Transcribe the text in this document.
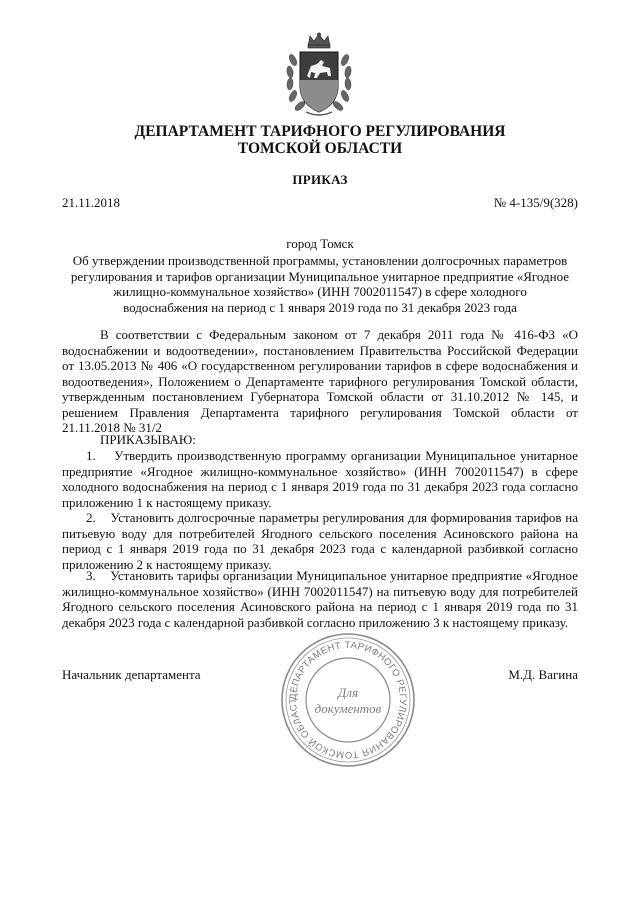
ДЕПАРТАМЕНТ ТАРИФНОГО РЕГУЛИРОВАНИЯ
ТОМСКОЙ ОБЛАСТИ
ПРИКАЗ
21.11.2018	№ 4-135/9(328)
город Томск
Об утверждении производственной программы, установлении долгосрочных параметров регулирования и тарифов организации Муниципальное унитарное предприятие «Ягодное жилищно-коммунальное хозяйство» (ИНН 7002011547) в сфере холодного водоснабжения на период с 1 января 2019 года по 31 декабря 2023 года
В соответствии с Федеральным законом от 7 декабря 2011 года № 416-ФЗ «О водоснабжении и водоотведении», постановлением Правительства Российской Федерации от 13.05.2013 № 406 «О государственном регулировании тарифов в сфере водоснабжения и водоотведения», Положением о Департаменте тарифного регулирования Томской области, утвержденным постановлением Губернатора Томской области от 31.10.2012 № 145, и решением Правления Департамента тарифного регулирования Томской области от 21.11.2018 № 31/2
ПРИКАЗЫВАЮ:
1.    Утвердить производственную программу организации Муниципальное унитарное предприятие «Ягодное жилищно-коммунальное хозяйство» (ИНН 7002011547) в сфере холодного водоснабжения на период с 1 января 2019 года по 31 декабря 2023 года согласно приложению 1 к настоящему приказу.
2.    Установить долгосрочные параметры регулирования для формирования тарифов на питьевую воду для потребителей Ягодного сельского поселения Асиновского района на период с 1 января 2019 года по 31 декабря 2023 года с календарной разбивкой согласно приложению 2 к настоящему приказу.
3.    Установить тарифы организации Муниципальное унитарное предприятие «Ягодное жилищно-коммунальное хозяйство» (ИНН 7002011547) на питьевую воду для потребителей Ягодного сельского поселения Асиновского района на период с 1 января 2019 года по 31 декабря 2023 года с календарной разбивкой согласно приложению 3 к настоящему приказу.
Начальник департамента	М.Д. Вагина
ДЕПАРТАМЕНТ ТАРИФНОГО РЕГУЛИРОВАНИЯ ТОМСКОЙ ОБЛАСТ
Для
документов
